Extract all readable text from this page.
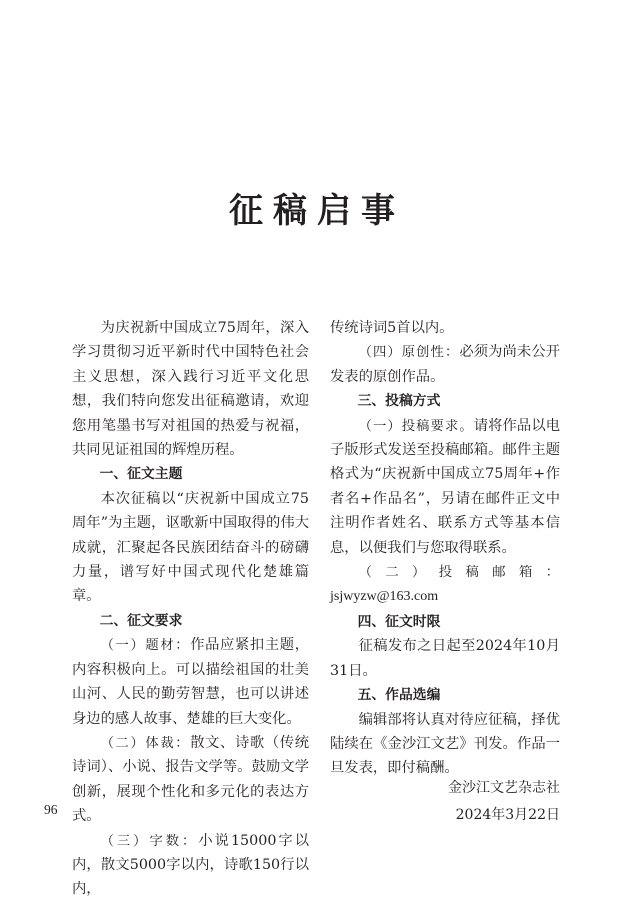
征稿启事

为庆祝新中国成立75周年，深入学习贯彻习近平新时代中国特色社会主义思想，深入践行习近平文化思想，我们特向您发出征稿邀请，欢迎您用笔墨书写对祖国的热爱与祝福，共同见证祖国的辉煌历程。

一、征文主题

本次征稿以“庆祝新中国成立75周年”为主题，讴歌新中国取得的伟大成就，汇聚起各民族团结奋斗的磅礴力量，谱写好中国式现代化楚雄篇章。

二、征文要求

（一）题材：作品应紧扣主题，内容积极向上。可以描绘祖国的壮美山河、人民的勤劳智慧，也可以讲述身边的感人故事、楚雄的巨大变化。

（二）体裁：散文、诗歌（传统诗词）、小说、报告文学等。鼓励文学创新，展现个性化和多元化的表达方式。

（三）字数：小说15000字以内，散文5000字以内，诗歌150行以内，

传统诗词5首以内。

（四）原创性：必须为尚未公开发表的原创作品。

三、投稿方式

（一）投稿要求。请将作品以电子版形式发送至投稿邮箱。邮件主题格式为“庆祝新中国成立75周年+作者名+作品名”，另请在邮件正文中注明作者姓名、联系方式等基本信息，以便我们与您取得联系。

（二）投稿邮箱：jsjwyzw@163.com

四、征文时限

征稿发布之日起至2024年10月31日。

五、作品选编

编辑部将认真对待应征稿，择优陆续在《金沙江文艺》刊发。作品一旦发表，即付稿酬。

金沙江文艺杂志社
2024年3月22日
96
